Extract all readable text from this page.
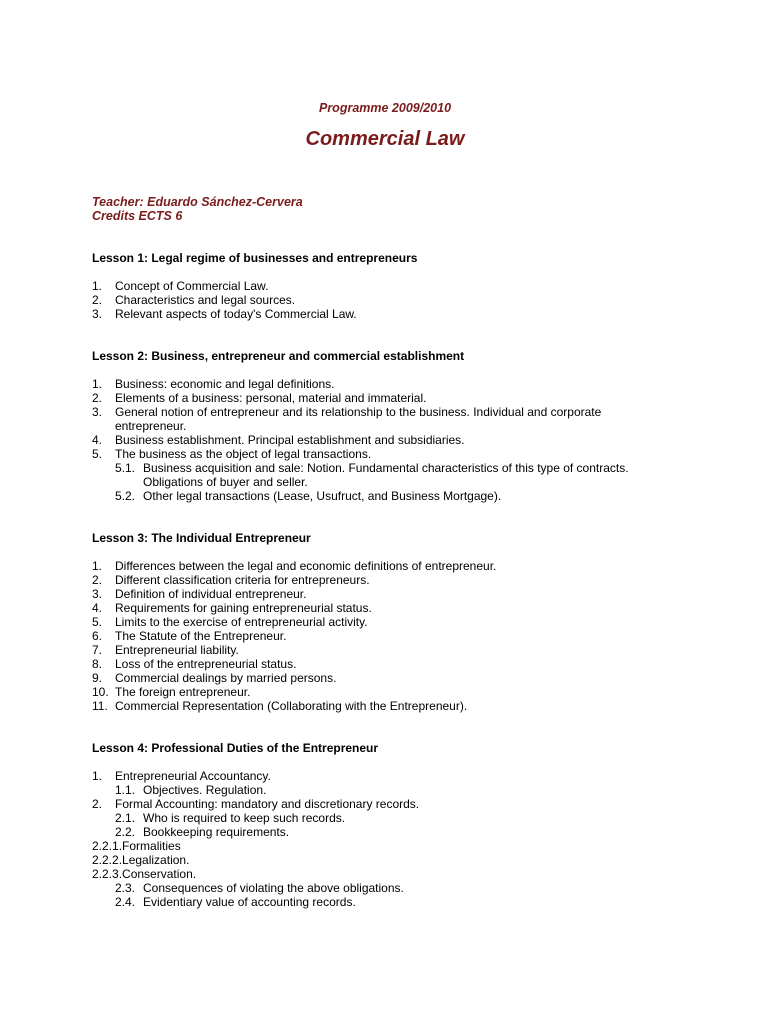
Programme 2009/2010
Commercial Law
Teacher: Eduardo Sánchez-Cervera
Credits ECTS 6
Lesson 1: Legal regime of businesses and entrepreneurs
1.	Concept of Commercial Law.
2.	Characteristics and legal sources.
3.	Relevant aspects of today's Commercial Law.
Lesson 2: Business, entrepreneur and commercial establishment
1.	Business: economic and legal definitions.
2.	Elements of a business: personal, material and immaterial.
3.	General notion of entrepreneur and its relationship to the business. Individual and corporate
entrepreneur.
4.	Business establishment. Principal establishment and subsidiaries.
5.	The business as the object of legal transactions.
5.1. Business acquisition and sale: Notion. Fundamental characteristics of this type of contracts.
Obligations of buyer and seller.
5.2. Other legal transactions (Lease, Usufruct, and Business Mortgage).
Lesson 3: The Individual Entrepreneur
1.	Differences between the legal and economic definitions of entrepreneur.
2.	Different classification criteria for entrepreneurs.
3.	Definition of individual entrepreneur.
4.	Requirements for gaining entrepreneurial status.
5.	Limits to the exercise of entrepreneurial activity.
6.	The Statute of the Entrepreneur.
7.	Entrepreneurial liability.
8.	Loss of the entrepreneurial status.
9.	Commercial dealings by married persons.
10. The foreign entrepreneur.
11. Commercial Representation (Collaborating with the Entrepreneur).
Lesson 4: Professional Duties of the Entrepreneur
1.	Entrepreneurial Accountancy.
1.1. Objectives. Regulation.
2.	Formal Accounting: mandatory and discretionary records.
2.1. Who is required to keep such records.
2.2. Bookkeeping requirements.
2.2.1.Formalities
2.2.2.Legalization.
2.2.3.Conservation.
2.3. Consequences of violating the above obligations.
2.4. Evidentiary value of accounting records.
